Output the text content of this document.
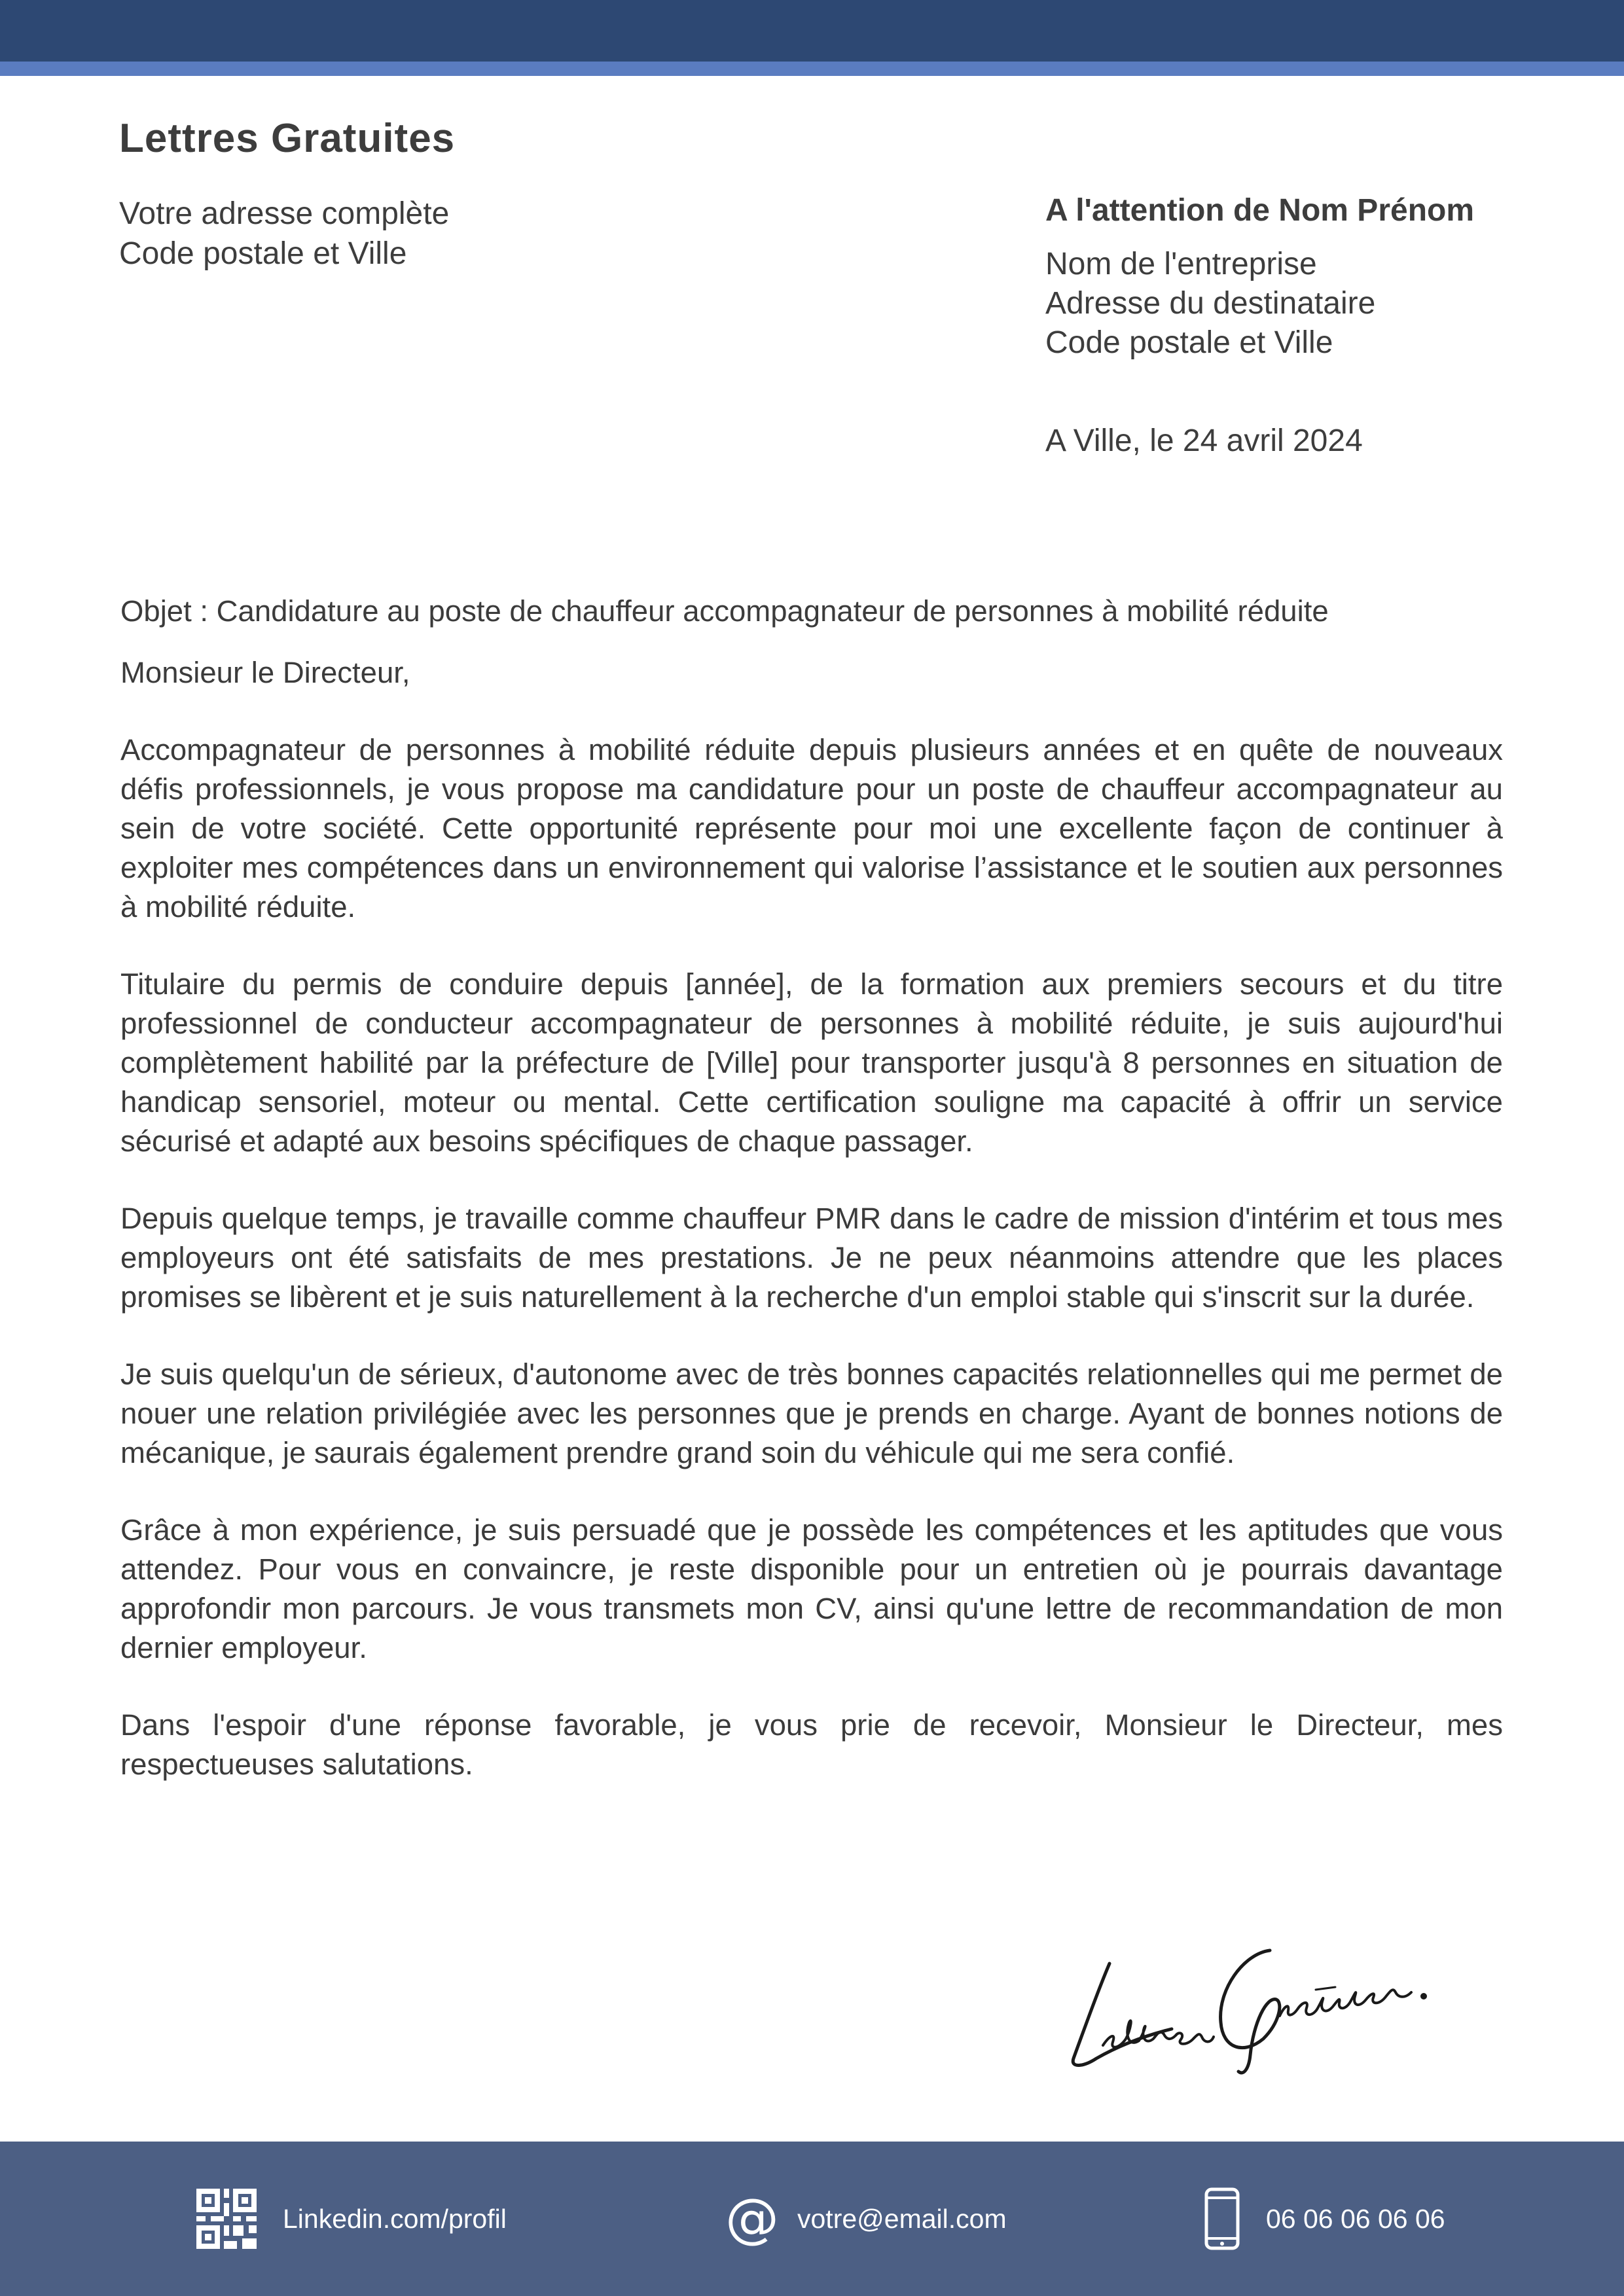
Lettres Gratuites
Votre adresse complète
Code postale et Ville
A l'attention de Nom Prénom
Nom de l'entreprise
Adresse du destinataire
Code postale et Ville
A Ville, le 24 avril 2024

Objet : Candidature au poste de chauffeur accompagnateur de personnes à mobilité réduite

Monsieur le Directeur,

Accompagnateur de personnes à mobilité réduite depuis plusieurs années et en quête de nouveaux défis professionnels, je vous propose ma candidature pour un poste de chauffeur accompagnateur au sein de votre société. Cette opportunité représente pour moi une excellente façon de continuer à exploiter mes compétences dans un environnement qui valorise l’assistance et le soutien aux personnes à mobilité réduite.

Titulaire du permis de conduire depuis [année], de la formation aux premiers secours et du titre professionnel de conducteur accompagnateur de personnes à mobilité réduite, je suis aujourd'hui complètement habilité par la préfecture de [Ville] pour transporter jusqu'à 8 personnes en situation de handicap sensoriel, moteur ou mental. Cette certification souligne ma capacité à offrir un service sécurisé et adapté aux besoins spécifiques de chaque passager.

Depuis quelque temps, je travaille comme chauffeur PMR dans le cadre de mission d'intérim et tous mes employeurs ont été satisfaits de mes prestations. Je ne peux néanmoins attendre que les places promises se libèrent et je suis naturellement à la recherche d'un emploi stable qui s'inscrit sur la durée.

Je suis quelqu'un de sérieux, d'autonome avec de très bonnes capacités relationnelles qui me permet de nouer une relation privilégiée avec les personnes que je prends en charge. Ayant de bonnes notions de mécanique, je saurais également prendre grand soin du véhicule qui me sera confié.

Grâce à mon expérience, je suis persuadé que je possède les compétences et les aptitudes que vous attendez. Pour vous en convaincre, je reste disponible pour un entretien où je pourrais davantage approfondir mon parcours. Je vous transmets mon CV, ainsi qu'une lettre de recommandation de mon dernier employeur.

Dans l'espoir d'une réponse favorable, je vous prie de recevoir, Monsieur le Directeur, mes respectueuses salutations.

Linkedin.com/profil	@ votre@email.com	06 06 06 06 06
